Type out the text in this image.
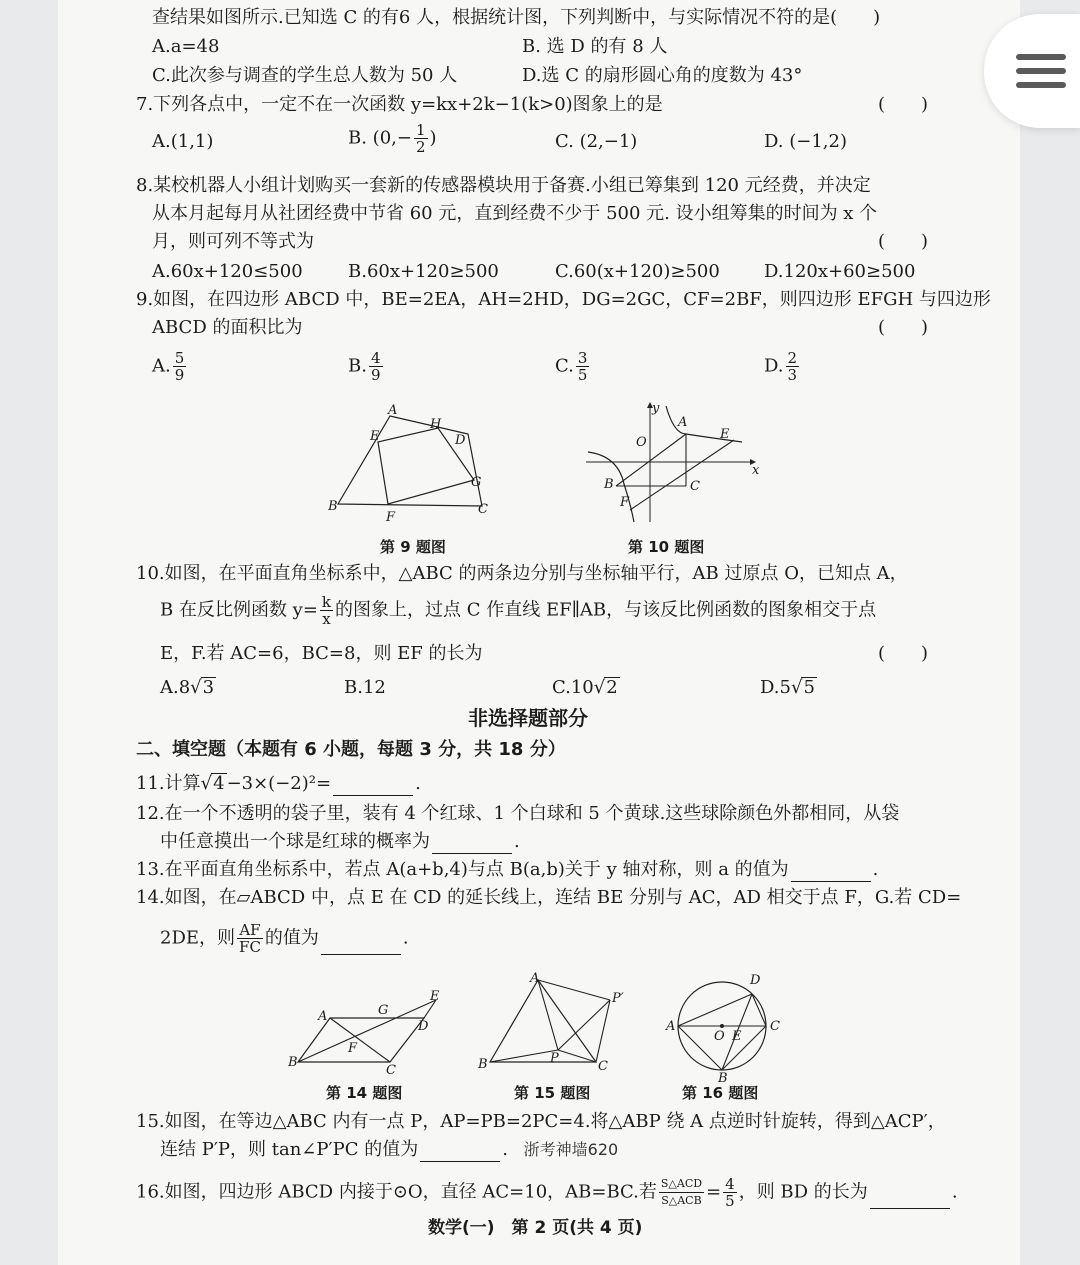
查结果如图所示.已知选 C 的有6 人，根据统计图，下列判断中，与实际情况不符的是(　　)
A.a=48	B. 选 D 的有 8 人
C.此次参与调查的学生总人数为 50 人	D.选 C 的扇形圆心角的度数为 43°
7.下列各点中，一定不在一次函数 y=kx+2k−1(k>0)图象上的是	(　　)
A.(1,1)	B. ($0,- \frac{1}{2}$ )	C. (2,−1)	D. (−1,2)
8.某校机器人小组计划购买一套新的传感器模块用于备赛.小组已筹集到 120 元经费，并决定
从本月起每月从社团经费中节省 60 元，直到经费不少于 500 元. 设小组筹集的时间为 x 个
月，则可列不等式为	(　　)
A.60x+120≤500	B.60x+120≥500	C.60(x+120)≥500 D.120x+60≥500
9.如图，在四边形 ABCD 中，BE=2EA，AH=2HD，DG=2GC，CF=2BF，则四边形 EFGH 与四边形
ABCD 的面积比为	(　　)
A. $\frac{5}{9}$	B. $\frac{4}{9}$	C. $\frac{3}{5}$	D. $\frac{2}{3}$
A
B	C
D
E
F
G
H
第 9 题图
y
x
O
A
B	C
E
F
第 10 题图
10.如图，在平面直角坐标系中，△ABC 的两条边分别与坐标轴平行，AB 过原点 O，已知点 A，
B 在反比例函数 $y= \frac{k}{x}$ 的图象上，过点 C 作直线 EF∥AB，与该反比例函数的图象相交于点
E，F.若 AC=6，BC=8，则 EF 的长为	(　　)
A.8√3	B.12	C.10√2	D.5√5
非选择题部分
二、填空题（本题有 6 小题，每题 3 分，共 18 分）
11.计算√4 −3×(−2)²=	.
12.在一个不透明的袋子里，装有 4 个红球、1 个白球和 5 个黄球.这些球除颜色外都相同，从袋
中任意摸出一个球是红球的概率为	.
13.在平面直角坐标系中，若点 A(a+b,4)与点 B(a,b)关于 y 轴对称，则 a 的值为	.
14.如图，在▱ABCD 中，点 E 在 CD 的延长线上，连结 BE 分别与 AC，AD 相交于点 F，G.若 CD=
2DE，则 $\frac{AF}{FC}$ 的值为	.
A
B
C
D
E
F
G
第 14 题图
A
B	C
P
P′
第 15 题图
A
B
C
D
O E
第 16 题图
15.如图，在等边△ABC 内有一点 P，AP=PB=2PC=4.将△ABP 绕 A 点逆时针旋转，得到△ACP′，
连结 P′P，则 tan∠P′PC 的值为	. 浙考神墙620
16.如图，四边形 ABCD 内接于⊙O，直径 AC=10，AB=BC.若 $\frac{\text{S△ACD}}{\text{S△ACB}} = \frac{4}{5}$ ，则 BD 的长为	.
数学(一)　第 2 页(共 4 页)
